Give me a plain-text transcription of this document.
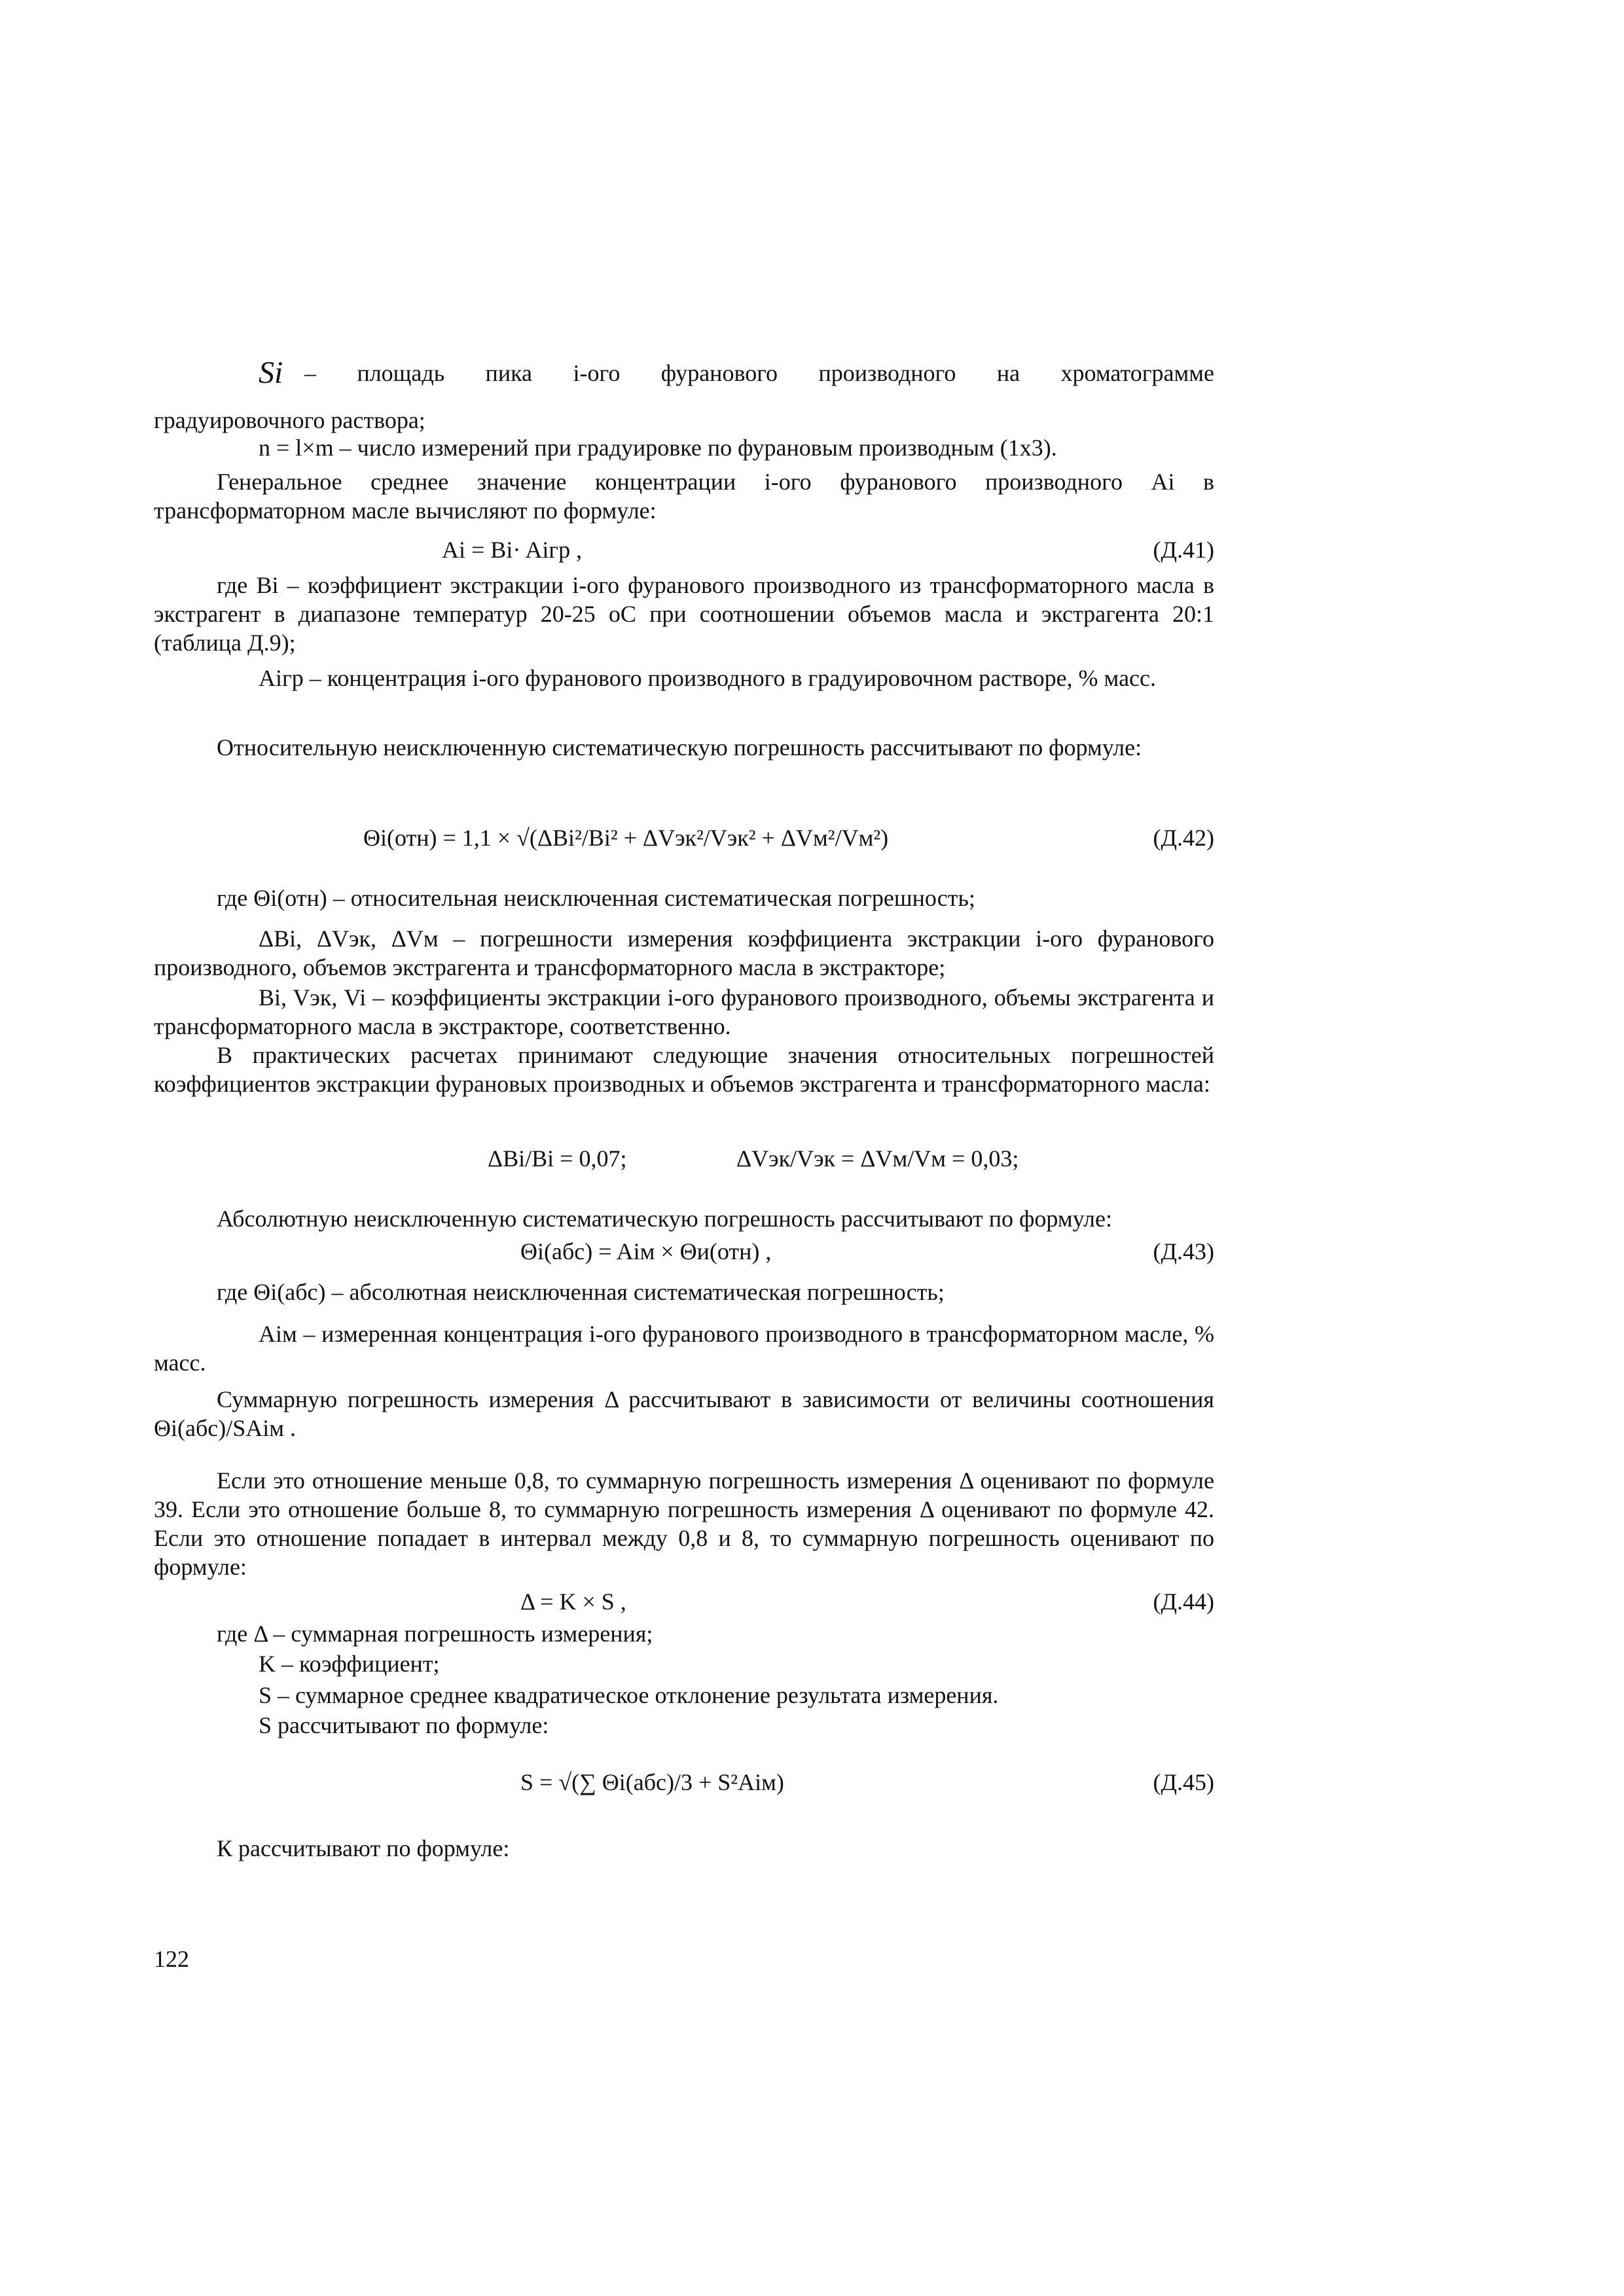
Si – площадь пика i-ого фуранового производного на хроматограмме
градуировочного раствора;
n = l×m – число измерений при градуировке по фурановым производным (1х3).
Генеральное среднее значение концентрации i-ого фуранового производного Ai в трансформаторном масле вычисляют по формуле:
Ai = Bi· Aiгр ,	(Д.41)
где Bi – коэффициент экстракции i-ого фуранового производного из трансформаторного масла в экстрагент в диапазоне температур 20-25 оС при соотношении объемов масла и экстрагента 20:1 (таблица Д.9);
Aiгр – концентрация i-ого фуранового производного в градуировочном растворе, % масс.
Относительную неисключенную систематическую погрешность рассчитывают по формуле:
Θi(отн) = 1,1 × √(ΔBi²/Bi² + ΔVэк²/Vэк² + ΔVм²/Vм²)	(Д.42)
где Θi(отн) – относительная неисключенная систематическая погрешность;
ΔBi, ΔVэк, ΔVм – погрешности измерения коэффициента экстракции i-ого фуранового производного, объемов экстрагента и трансформаторного масла в экстракторе;
Bi, Vэк, Vi – коэффициенты экстракции i-ого фуранового производного, объемы экстрагента и трансформаторного масла в экстракторе, соответственно.
В практических расчетах принимают следующие значения относительных погрешностей коэффициентов экстракции фурановых производных и объемов экстрагента и трансформаторного масла:
ΔBi/Bi = 0,07;	ΔVэк/Vэк = ΔVм/Vм = 0,03;
Абсолютную неисключенную систематическую погрешность рассчитывают по формуле:
Θi(абс) = Aiм × Θи(отн) ,	(Д.43)
где Θi(абс) – абсолютная неисключенная систематическая погрешность;
Aiм – измеренная концентрация i-ого фуранового производного в трансформаторном масле, % масс.
Суммарную погрешность измерения Δ рассчитывают в зависимости от величины соотношения Θi(абс)/SAiм .
Если это отношение меньше 0,8, то суммарную погрешность измерения Δ оценивают по формуле 39. Если это отношение больше 8, то суммарную погрешность измерения Δ оценивают по формуле 42. Если это отношение попадает в интервал между 0,8 и 8, то суммарную погрешность оценивают по формуле:
Δ = K × S ,	(Д.44)
где Δ – суммарная погрешность измерения;
K – коэффициент;
S – суммарное среднее квадратическое отклонение результата измерения.
S рассчитывают по формуле:
S = √(∑ Θi(абс)/3 + S²Aiм)	(Д.45)
К рассчитывают по формуле:
122
